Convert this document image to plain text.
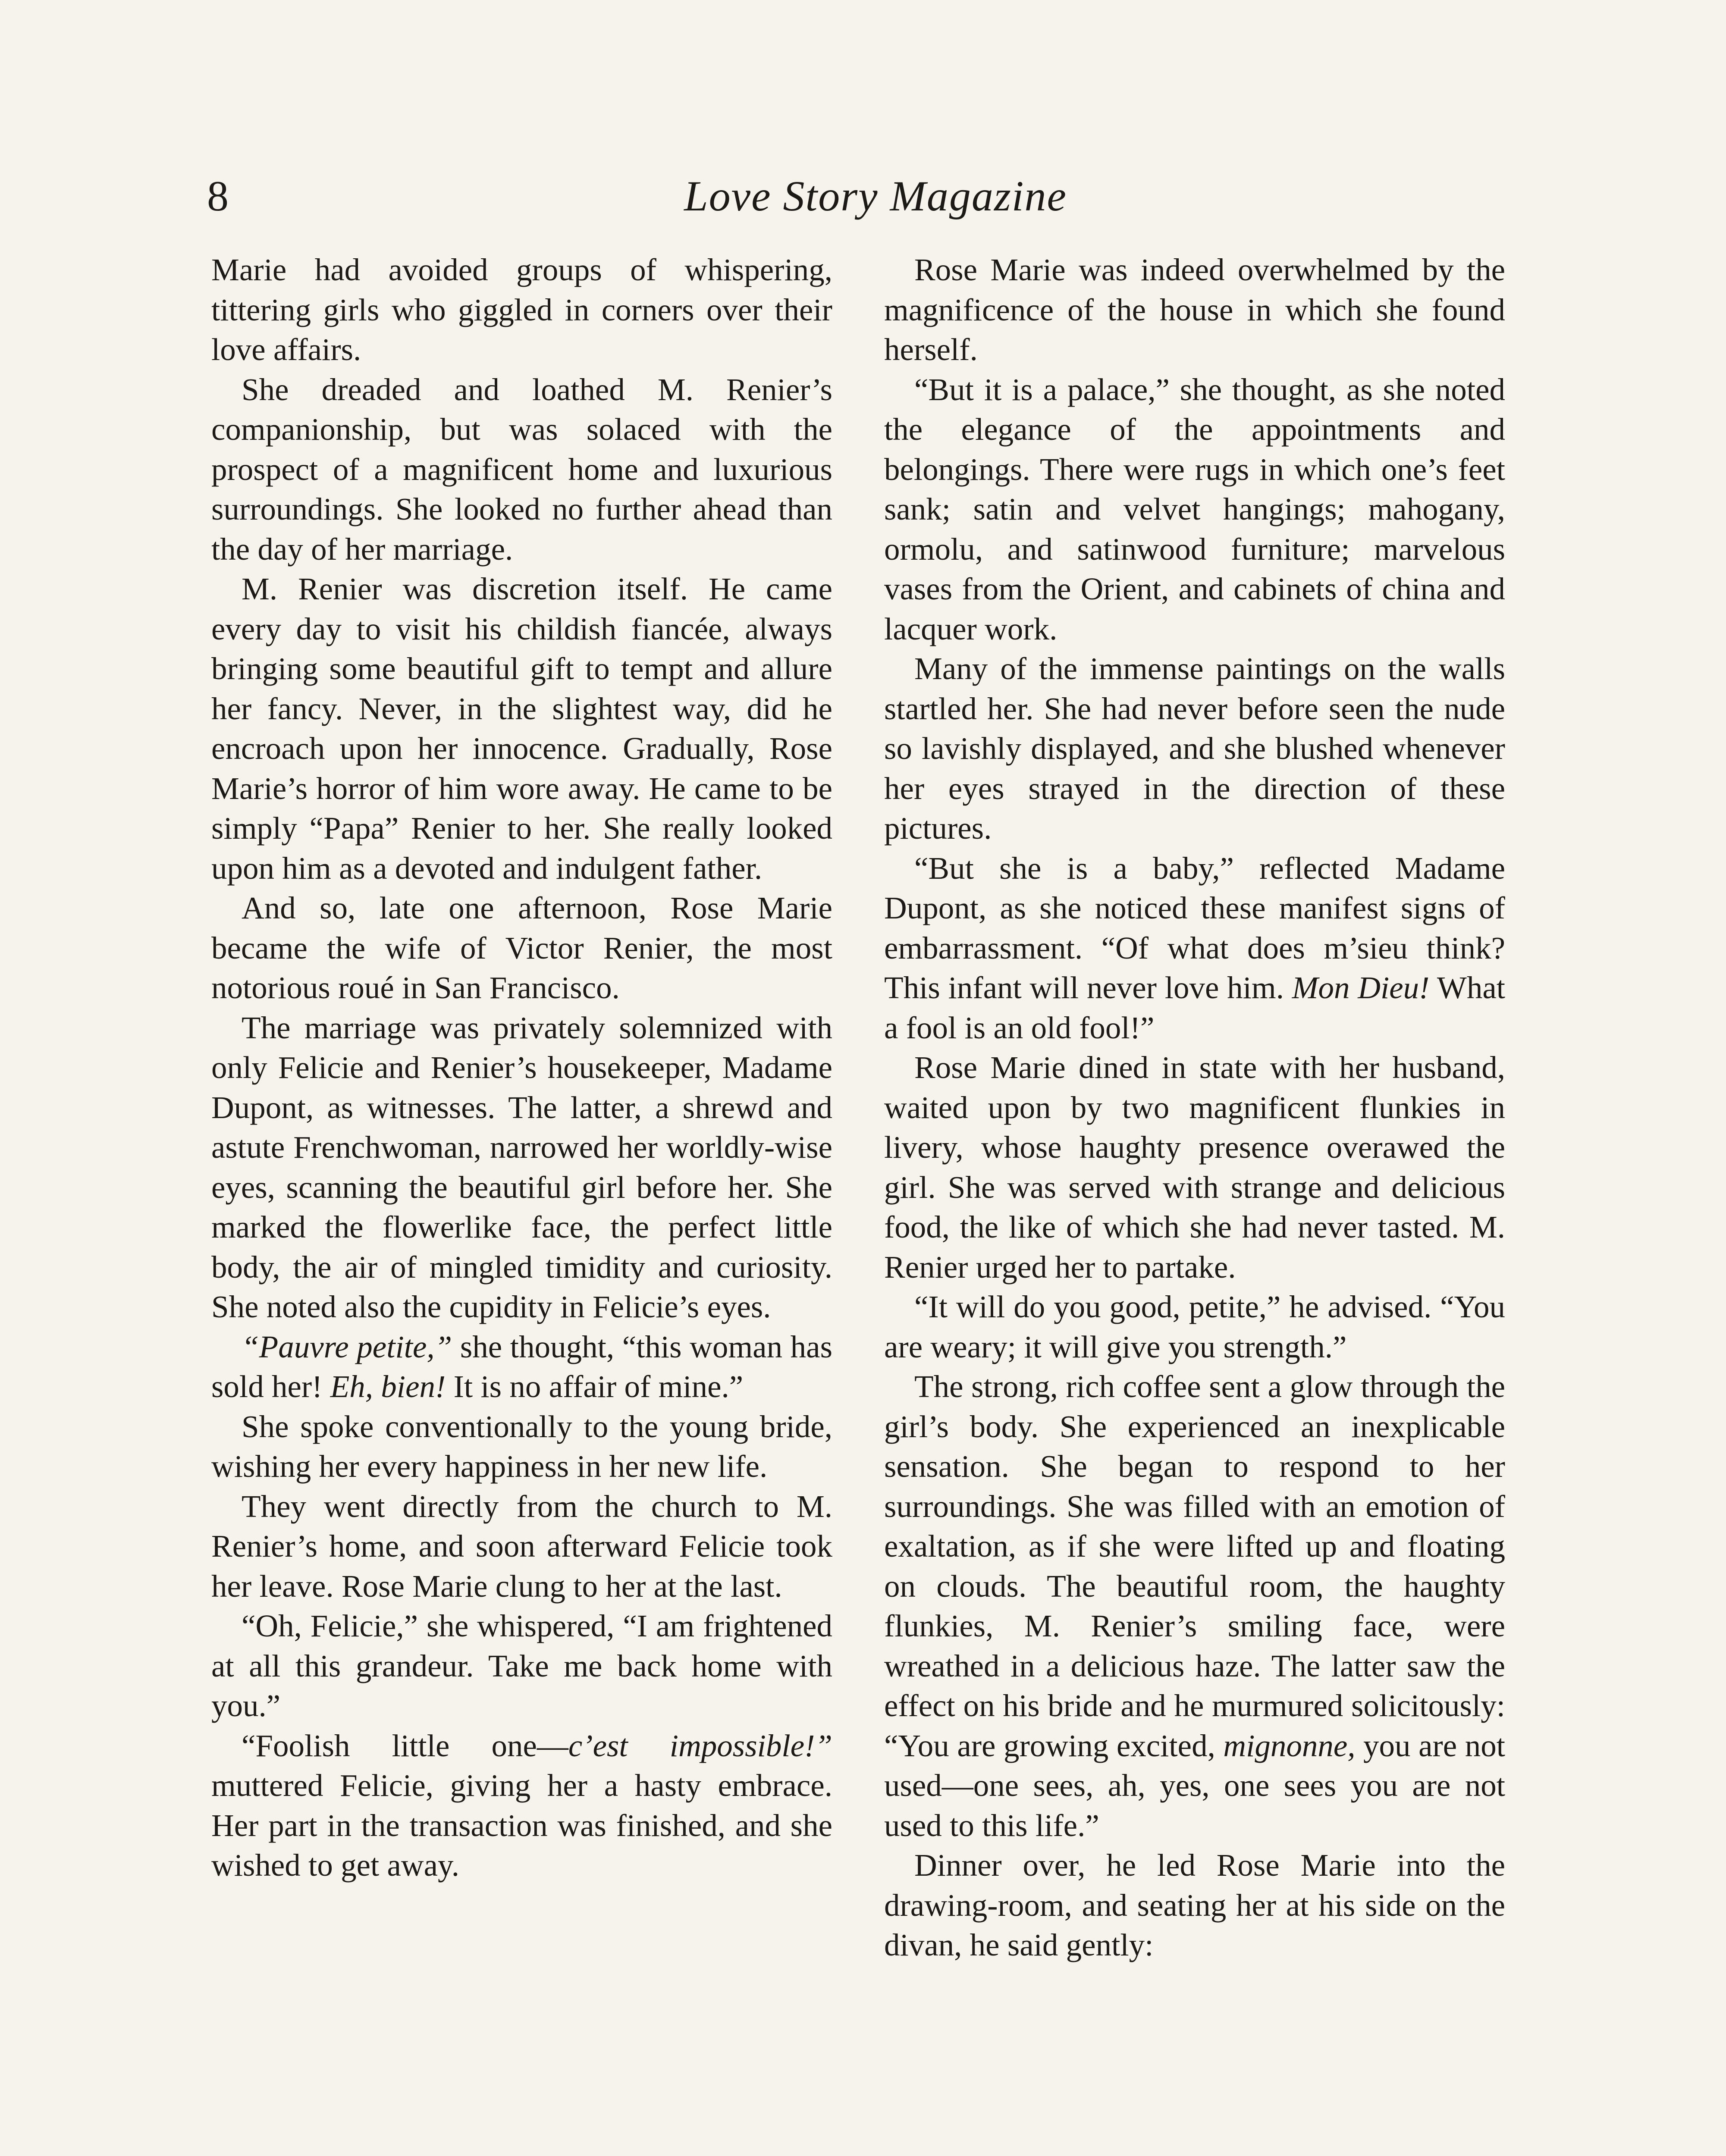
8	Love Story Magazine

Marie had avoided groups of whispering, tittering girls who giggled in corners over their love affairs.

She dreaded and loathed M. Renier’s companionship, but was solaced with the prospect of a magnificent home and luxurious surroundings. She looked no further ahead than the day of her marriage.

M. Renier was discretion itself. He came every day to visit his childish fiancée, always bringing some beautiful gift to tempt and allure her fancy. Never, in the slightest way, did he encroach upon her innocence. Gradually, Rose Marie’s horror of him wore away. He came to be simply “Papa” Renier to her. She really looked upon him as a devoted and indulgent father.

And so, late one afternoon, Rose Marie became the wife of Victor Renier, the most notorious roué in San Francisco.

The marriage was privately solemnized with only Felicie and Renier’s housekeeper, Madame Dupont, as witnesses. The latter, a shrewd and astute Frenchwoman, narrowed her worldly-wise eyes, scanning the beautiful girl before her. She marked the flowerlike face, the perfect little body, the air of mingled timidity and curiosity. She noted also the cupidity in Felicie’s eyes.

“Pauvre petite,” she thought, “this woman has sold her! Eh, bien! It is no affair of mine.”

She spoke conventionally to the young bride, wishing her every happiness in her new life.

They went directly from the church to M. Renier’s home, and soon afterward Felicie took her leave. Rose Marie clung to her at the last.

“Oh, Felicie,” she whispered, “I am frightened at all this grandeur. Take me back home with you.”

“Foolish little one—c’est impossible!” muttered Felicie, giving her a hasty embrace. Her part in the transaction was finished, and she wished to get away.

Rose Marie was indeed overwhelmed by the magnificence of the house in which she found herself.

“But it is a palace,” she thought, as she noted the elegance of the appointments and belongings. There were rugs in which one’s feet sank; satin and velvet hangings; mahogany, ormolu, and satinwood furniture; marvelous vases from the Orient, and cabinets of china and lacquer work.

Many of the immense paintings on the walls startled her. She had never before seen the nude so lavishly displayed, and she blushed whenever her eyes strayed in the direction of these pictures.

“But she is a baby,” reflected Madame Dupont, as she noticed these manifest signs of embarrassment. “Of what does m’sieu think? This infant will never love him. Mon Dieu! What a fool is an old fool!”

Rose Marie dined in state with her husband, waited upon by two magnificent flunkies in livery, whose haughty presence overawed the girl. She was served with strange and delicious food, the like of which she had never tasted. M. Renier urged her to partake.

“It will do you good, petite,” he advised. “You are weary; it will give you strength.”

The strong, rich coffee sent a glow through the girl’s body. She experienced an inexplicable sensation. She began to respond to her surroundings. She was filled with an emotion of exaltation, as if she were lifted up and floating on clouds. The beautiful room, the haughty flunkies, M. Renier’s smiling face, were wreathed in a delicious haze. The latter saw the effect on his bride and he murmured solicitously: “You are growing excited, mignonne, you are not used—one sees, ah, yes, one sees you are not used to this life.”

Dinner over, he led Rose Marie into the drawing-room, and seating her at his side on the divan, he said gently:
